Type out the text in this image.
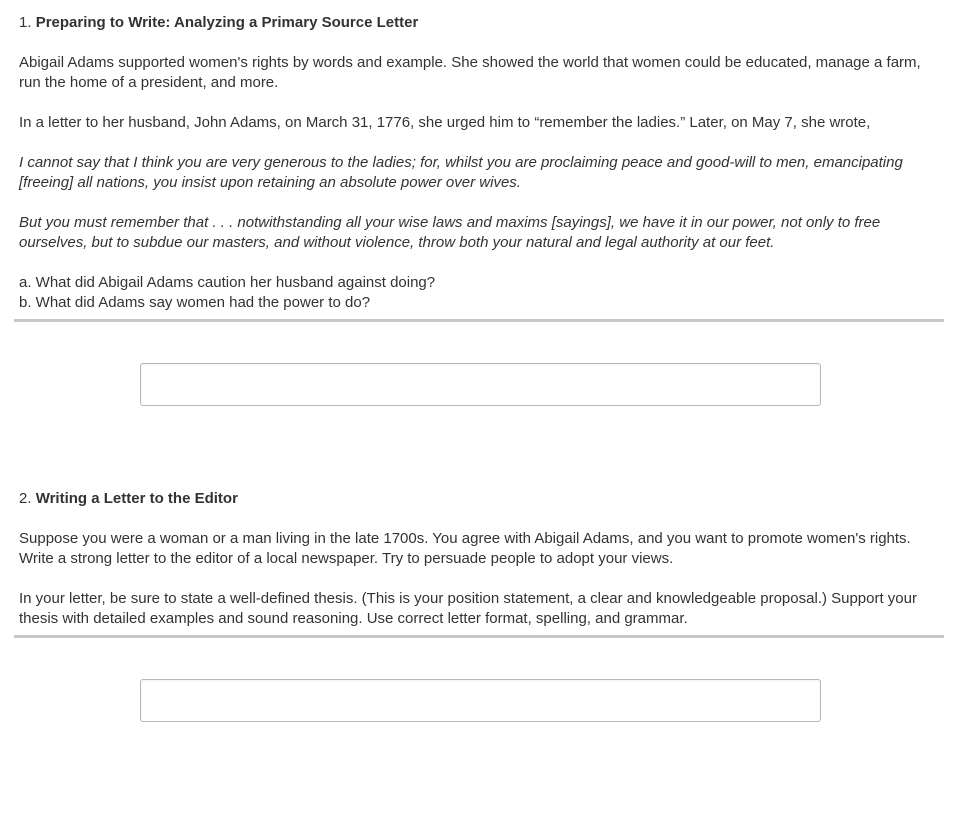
1. Preparing to Write: Analyzing a Primary Source Letter

Abigail Adams supported women's rights by words and example. She showed the world that women could be educated, manage a farm, run the home of a president, and more.

In a letter to her husband, John Adams, on March 31, 1776, she urged him to “remember the ladies.” Later, on May 7, she wrote,

I cannot say that I think you are very generous to the ladies; for, whilst you are proclaiming peace and good-will to men, emancipating [freeing] all nations, you insist upon retaining an absolute power over wives.

But you must remember that . . . notwithstanding all your wise laws and maxims [sayings], we have it in our power, not only to free ourselves, but to subdue our masters, and without violence, throw both your natural and legal authority at our feet.

a. What did Abigail Adams caution her husband against doing?

b. What did Adams say women had the power to do?

2. Writing a Letter to the Editor

Suppose you were a woman or a man living in the late 1700s. You agree with Abigail Adams, and you want to promote women's rights. Write a strong letter to the editor of a local newspaper. Try to persuade people to adopt your views.

In your letter, be sure to state a well-defined thesis. (This is your position statement, a clear and knowledgeable proposal.) Support your thesis with detailed examples and sound reasoning. Use correct letter format, spelling, and grammar.
